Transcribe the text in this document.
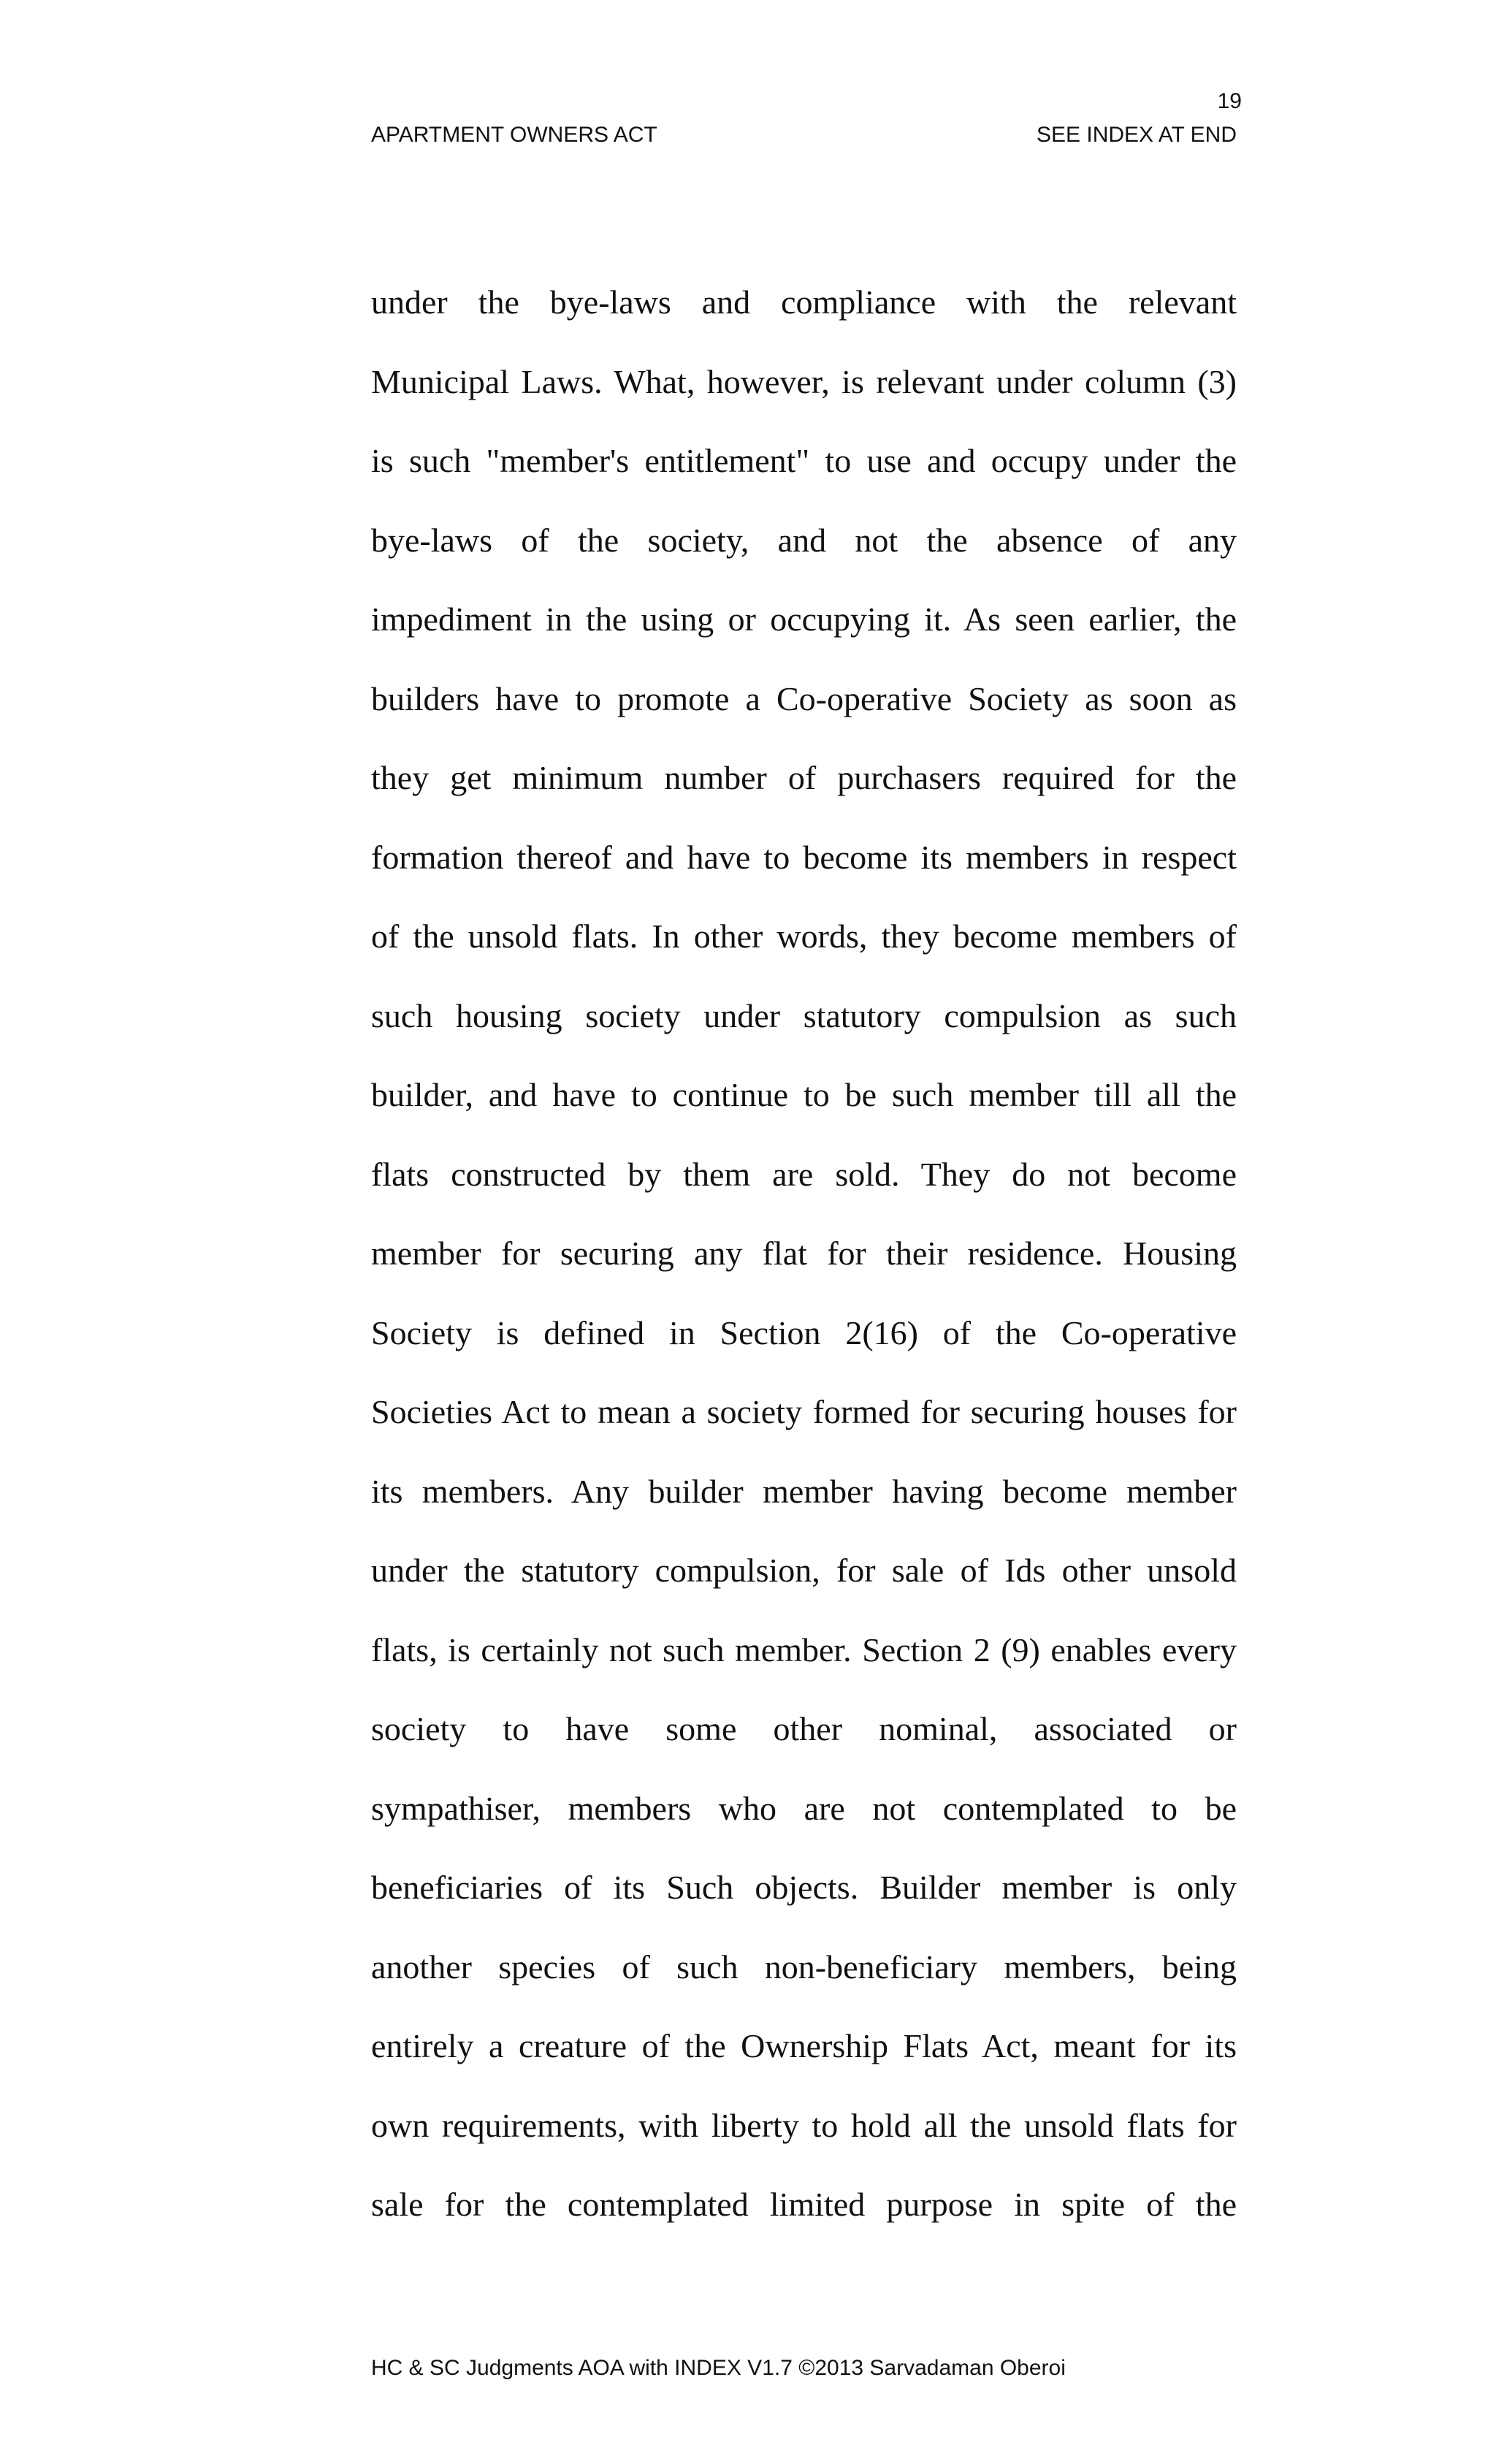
19

APARTMENT OWNERS ACT	SEE INDEX AT END
under the bye-laws and compliance with the relevant
Municipal Laws. What, however, is relevant under column (3)
is such "member's entitlement" to use and occupy under the
bye-laws of the society, and not the absence of any
impediment in the using or occupying it. As seen earlier, the
builders have to promote a Co-operative Society as soon as
they get minimum number of purchasers required for the
formation thereof and have to become its members in respect
of the unsold flats. In other words, they become members of
such housing society under statutory compulsion as such
builder, and have to continue to be such member till all the
flats constructed by them are sold. They do not become
member for securing any flat for their residence. Housing
Society is defined in Section 2(16) of the Co-operative
Societies Act to mean a society formed for securing houses for
its members. Any builder member having become member
under the statutory compulsion, for sale of Ids other unsold
flats, is certainly not such member. Section 2 (9) enables every
society to have some other nominal, associated or
sympathiser, members who are not contemplated to be
beneficiaries of its Such objects. Builder member is only
another species of such non-beneficiary members, being
entirely a creature of the Ownership Flats Act, meant for its
own requirements, with liberty to hold all the unsold flats for
sale for the contemplated limited purpose in spite of the

HC & SC Judgments AOA with INDEX V1.7 ©2013 Sarvadaman Oberoi
